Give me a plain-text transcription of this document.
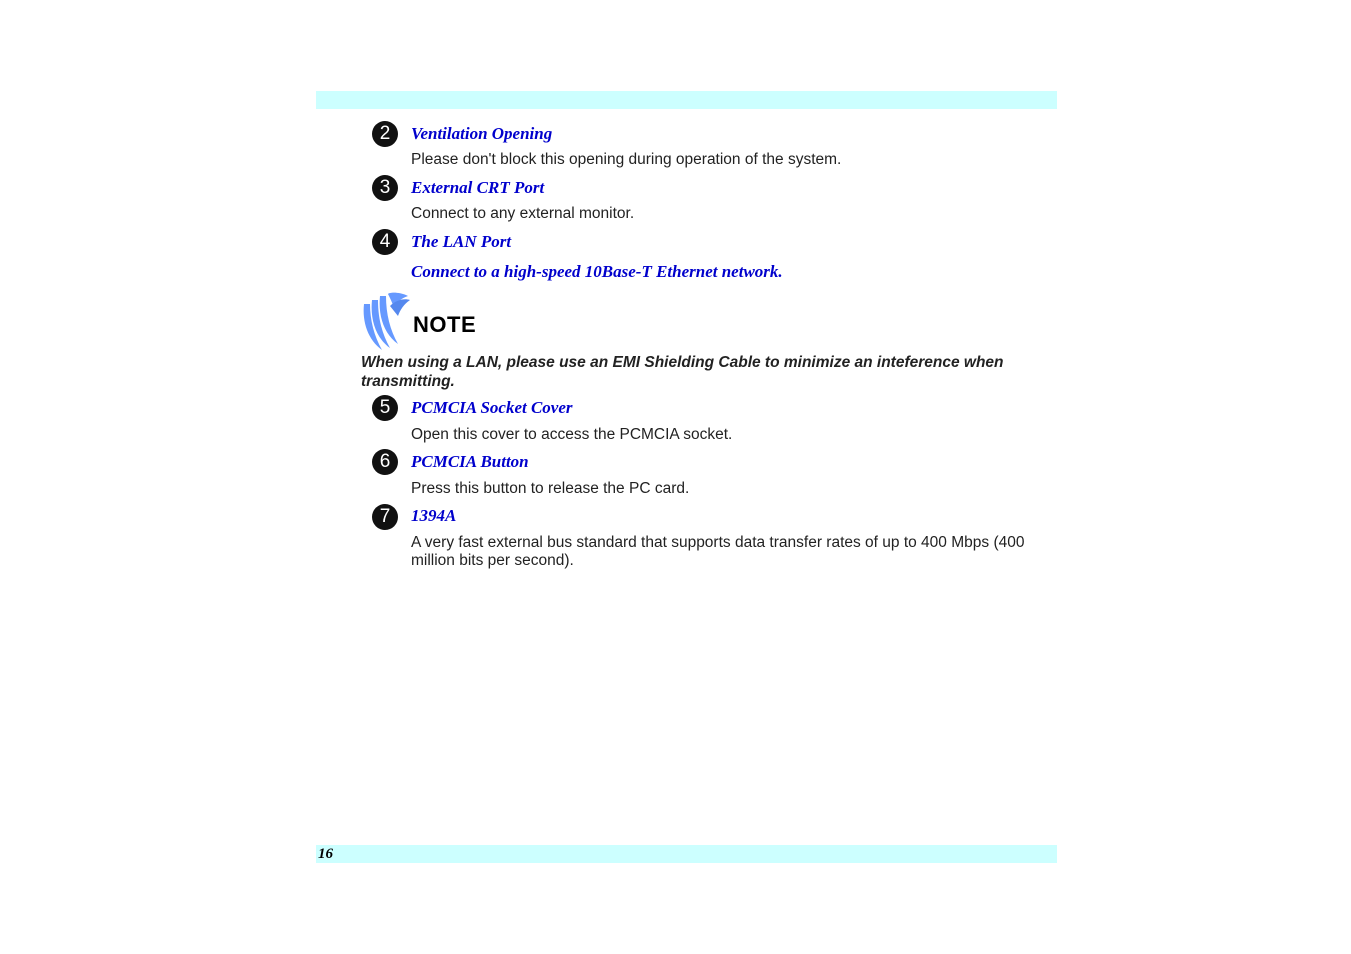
2	Ventilation Opening
Please don't block this opening during operation of the system.
3	External CRT Port
Connect to any external monitor.
4	The LAN Port
Connect to a high-speed 10Base-T Ethernet network.
NOTE
When using a LAN, please use an EMI Shielding Cable to minimize an inteference when transmitting.
5	PCMCIA Socket Cover
Open this cover to access the PCMCIA socket.
6	PCMCIA Button
Press this button to release the PC card.
7	1394A
A very fast external bus standard that supports data transfer rates of up to 400 Mbps (400 million bits per second).
16
